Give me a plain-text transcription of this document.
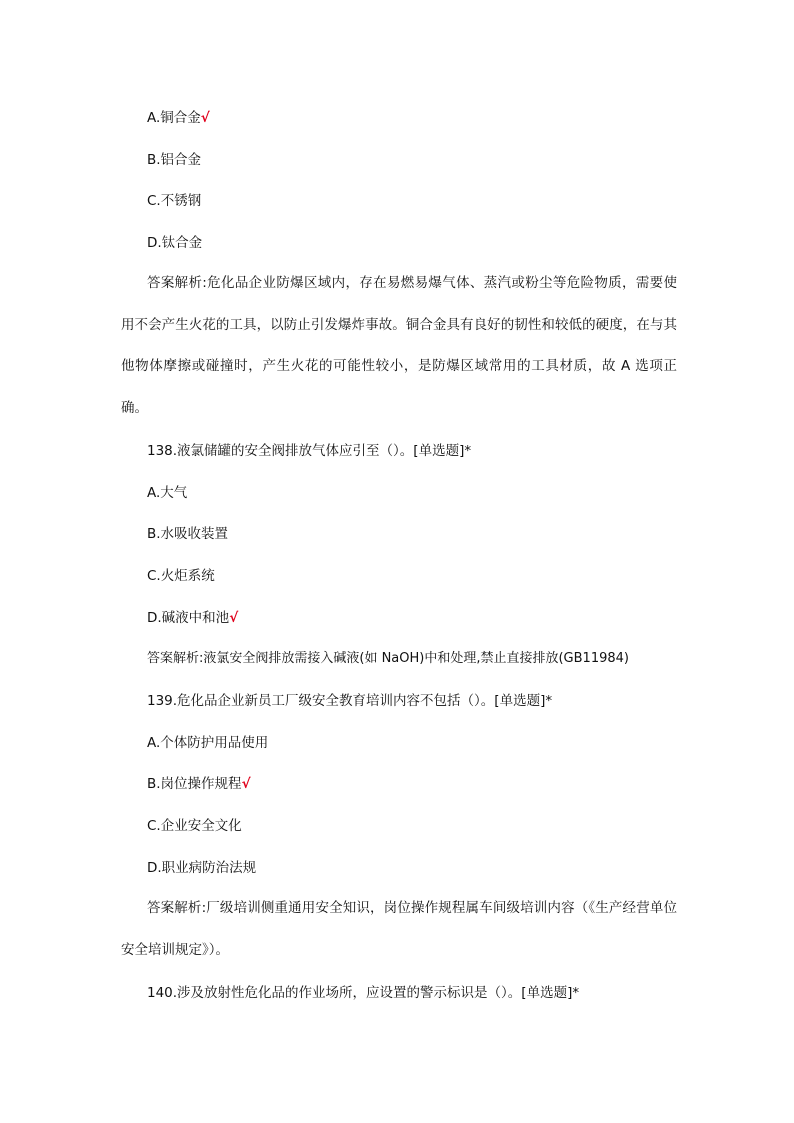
A.铜合金√
B.铝合金
C.不锈钢
D.钛合金
答案解析:危化品企业防爆区域内，存在易燃易爆气体、蒸汽或粉尘等危险物质，需要使用不会产生火花的工具，以防止引发爆炸事故。铜合金具有良好的韧性和较低的硬度，在与其他物体摩擦或碰撞时，产生火花的可能性较小，是防爆区域常用的工具材质，故 A 选项正确。
138.液氯储罐的安全阀排放气体应引至（）。[单选题]*
A.大气
B.水吸收装置
C.火炬系统
D.碱液中和池√
答案解析:液氯安全阀排放需接入碱液(如 NaOH)中和处理,禁止直接排放(GB11984)
139.危化品企业新员工厂级安全教育培训内容不包括（）。[单选题]*
A.个体防护用品使用
B.岗位操作规程√
C.企业安全文化
D.职业病防治法规
答案解析:厂级培训侧重通用安全知识，岗位操作规程属车间级培训内容（《生产经营单位安全培训规定》）。
140.涉及放射性危化品的作业场所，应设置的警示标识是（）。[单选题]*
